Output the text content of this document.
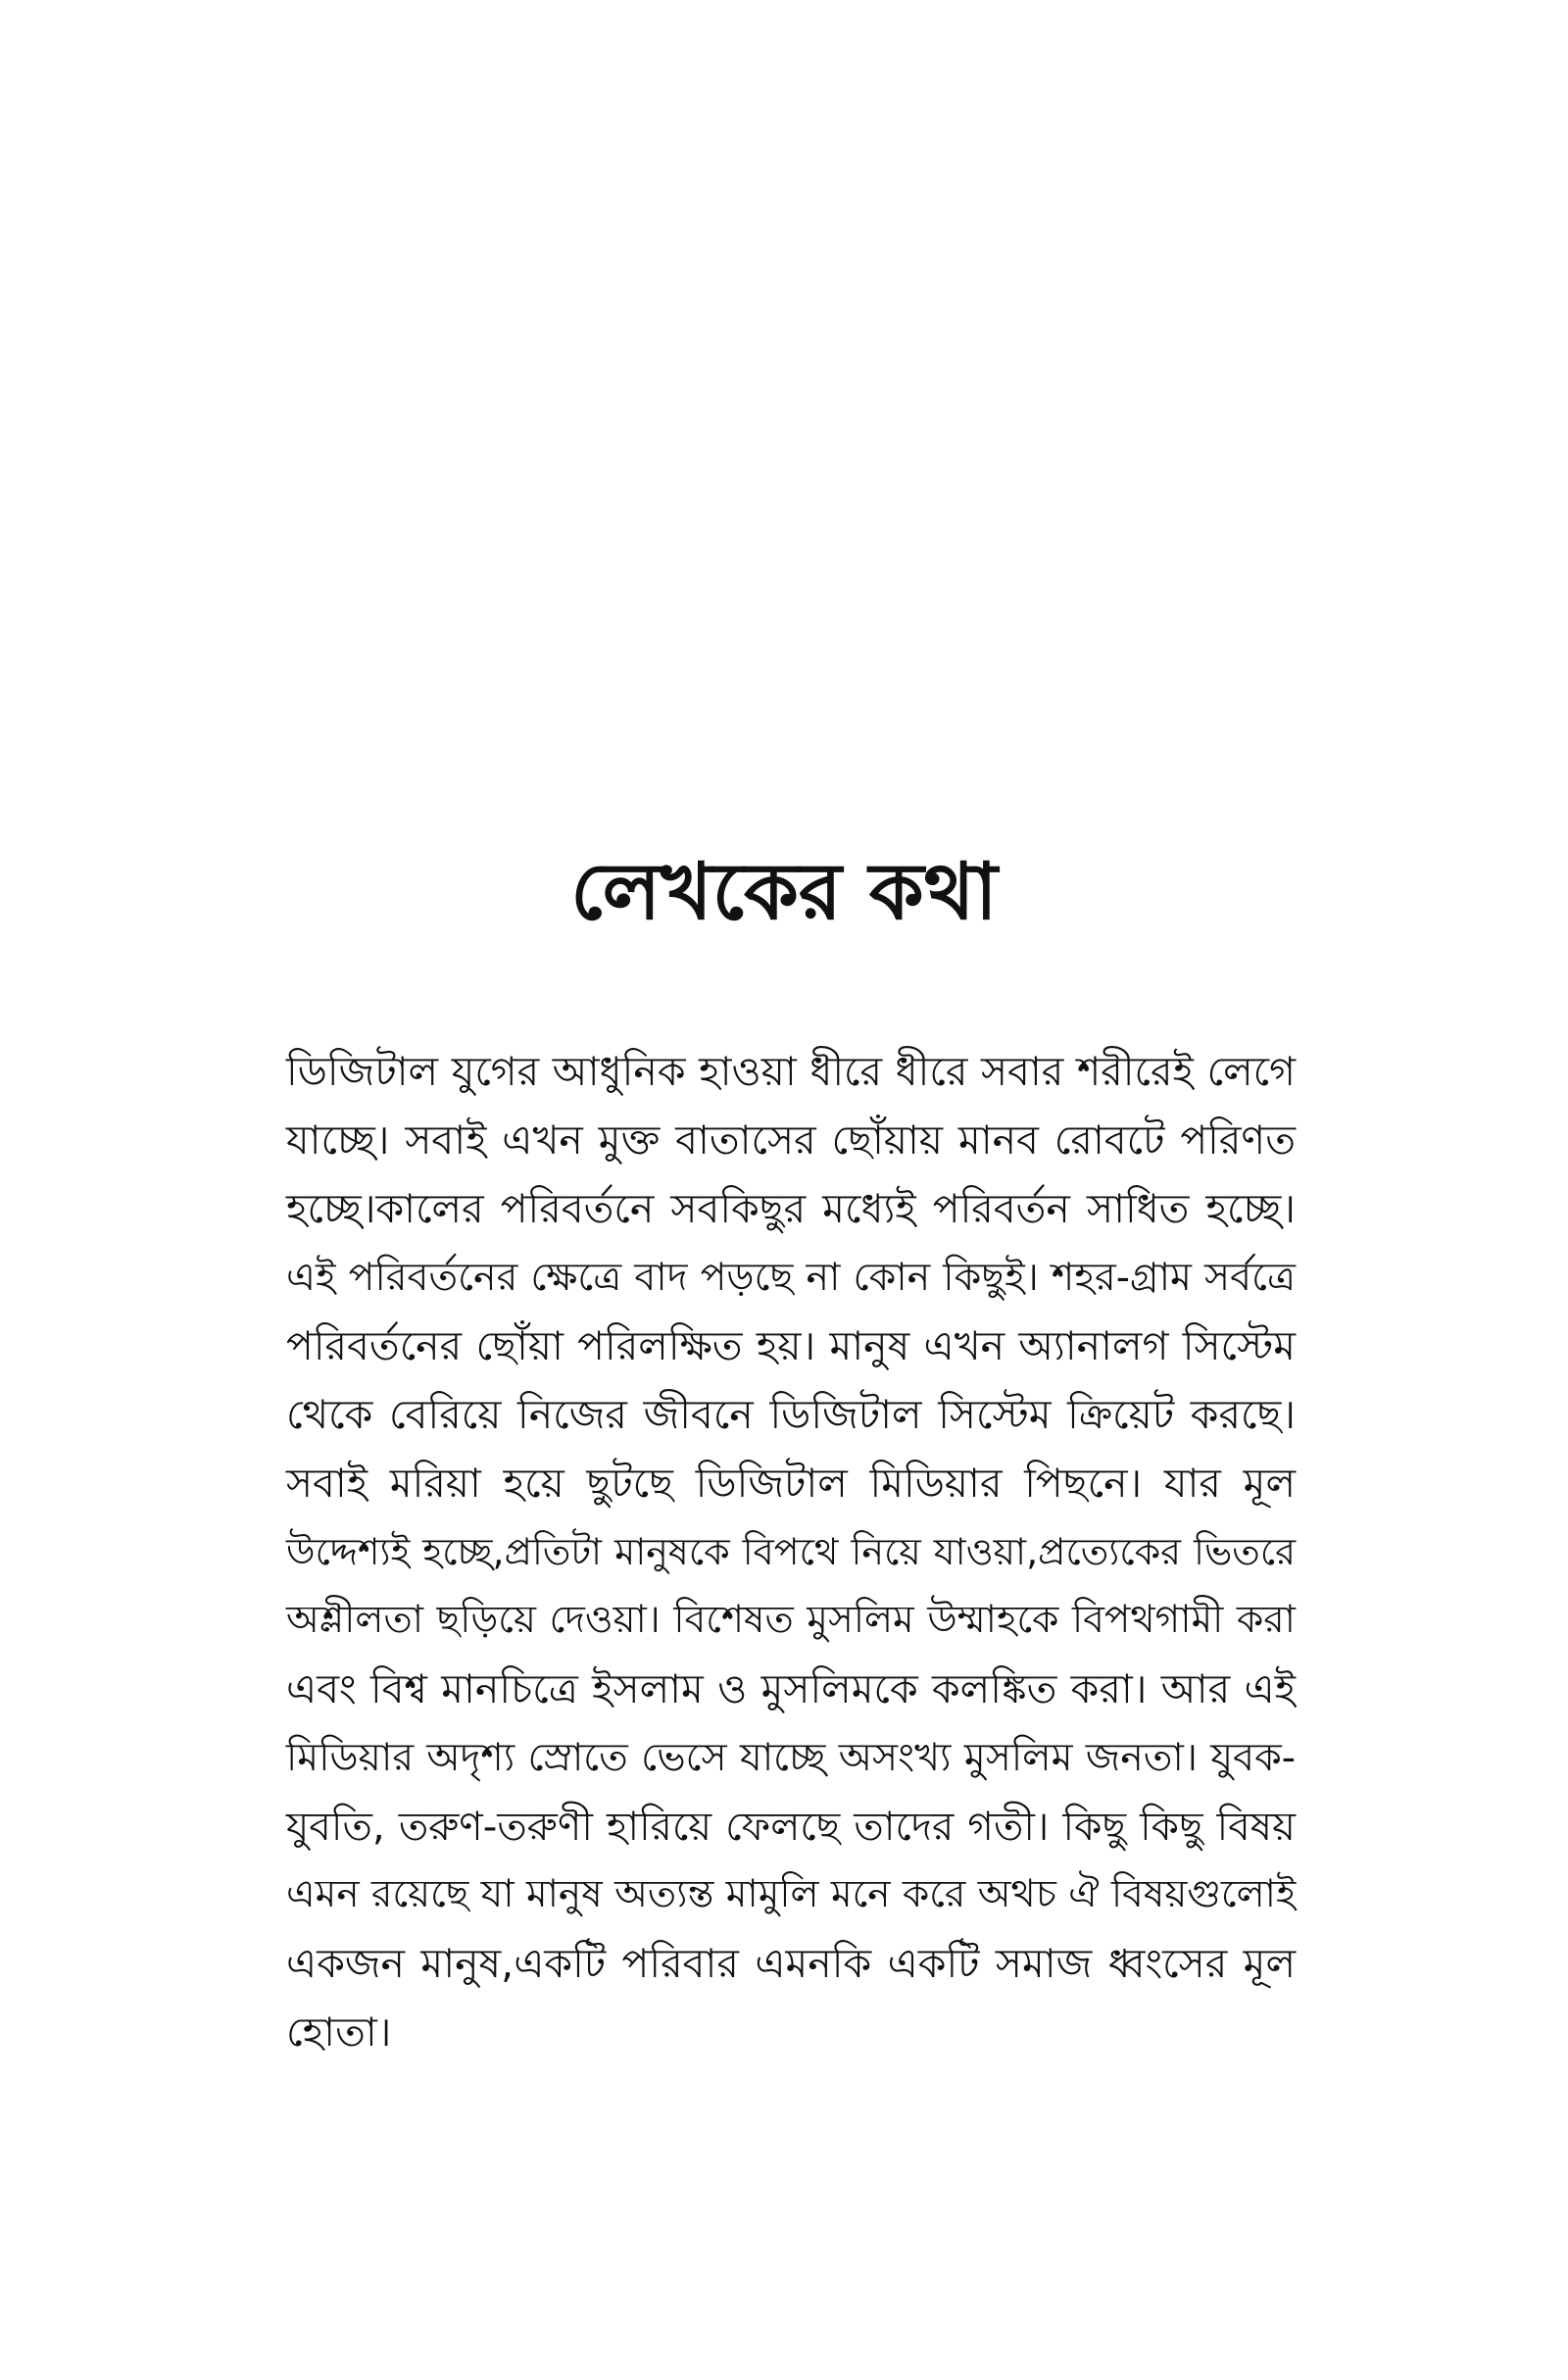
লেখকের কথা
ডিজিটাল যুগের আধুনিক হাওয়া ধীরে ধীরে সবার শরীরেই লেগে
যাচ্ছে। সবাই এখন মুক্ত বাতাসের ছোঁয়ায় মানব রোবটে পরিণত
হচ্ছে।কালের পরিবর্তনে সবকিছুর মধ্যেই পরিবর্তন সাধিত হচ্ছে।
এই পরিবর্তনের ক্ষেত্রে বাদ পড়ছে না কোন কিছুই। শহর-গ্রাম সর্বত্রে
পরিবর্তনের ছোঁয়া পরিলক্ষিত হয়। মানুষ এখন অ্যানালগ সিস্টেম
থেকে বেরিয়ে নিজের জীবনে ডিজিটাল সিস্টেম ক্রিয়েট করছে।
সবাই মরিয়া হয়ে ছুটছে ডিজিটাল মিডিয়ার পিছনে। যার মূল
উদ্দেশ্যই হচ্ছে,প্রতিটা মানুষকে বিপথে নিয়ে যাওয়া,প্রত্যেকের ভিতরে
অশ্লীলতা ছড়িয়ে দেওয়া। বিশেষত মুসলিম উম্মাহকে বিপথগামী করা
এবং বিশ্ব মানচিত্রে ইসলাম ও মুসলিমকে কলঙ্কিত করা। আর এই
মিডিয়ার অদৃশ্য স্রোতে ভেসে যাচ্ছে অসংখ্য মুসলিম জনতা। যুবক-
যুবতি, তরুণ-তরুণী হারিয়ে ফেলছে তাদের গতী। কিছু কিছু বিষয়
এমন রয়েছে যা মানুষ অত্যন্ত মামুলি মনে করে অথচ ঐ বিষয়গুলোই
একজন মানুষ,একটি পরিবার এমনকি একটি সমাজ ধ্বংসের মূল
হোতা।
